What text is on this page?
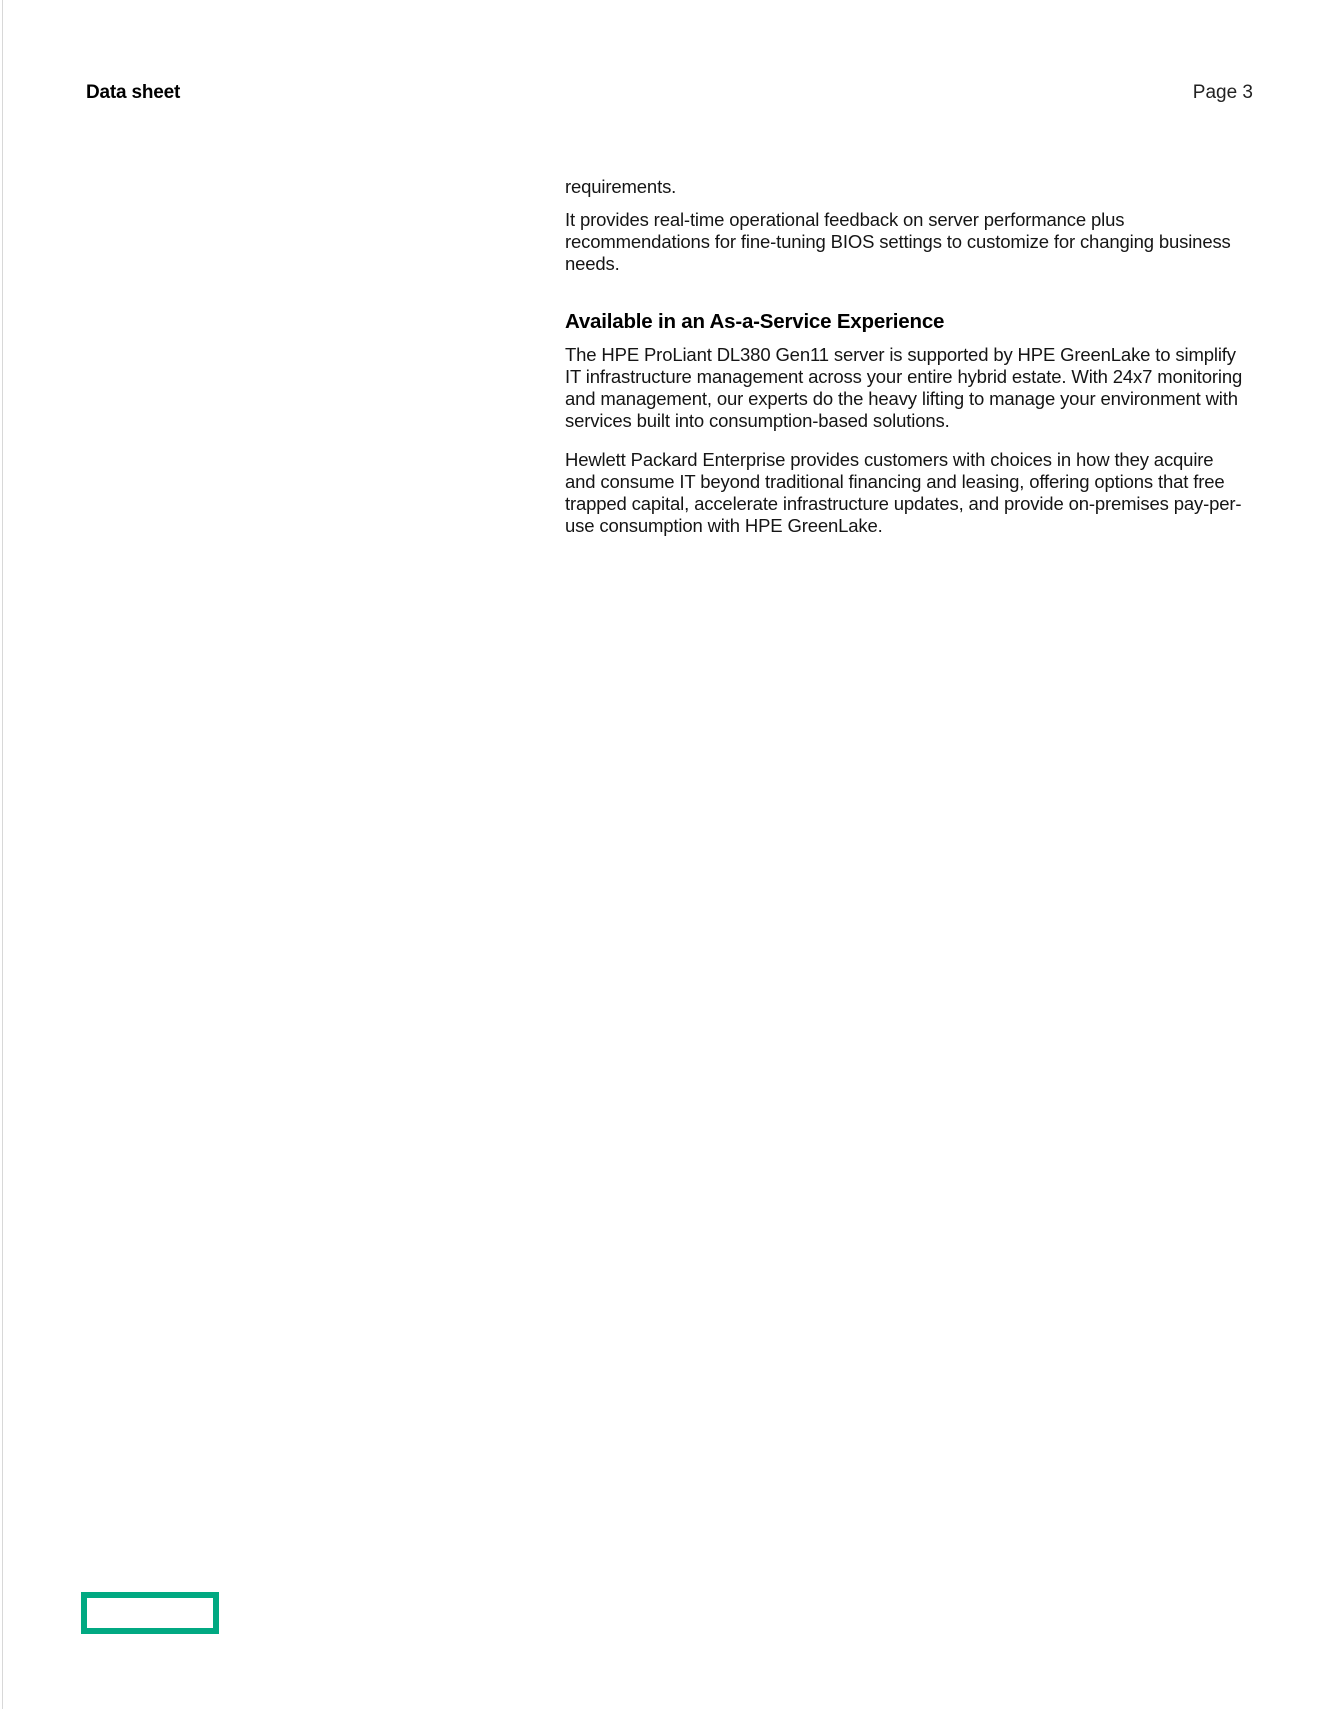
Data sheet	Page 3

requirements.

It provides real-time operational feedback on server performance plus recommendations for fine-tuning BIOS settings to customize for changing business needs.

Available in an As-a-Service Experience

The HPE ProLiant DL380 Gen11 server is supported by HPE GreenLake to simplify IT infrastructure management across your entire hybrid estate. With 24x7 monitoring and management, our experts do the heavy lifting to manage your environment with services built into consumption-based solutions.

Hewlett Packard Enterprise provides customers with choices in how they acquire and consume IT beyond traditional financing and leasing, offering options that free trapped capital, accelerate infrastructure updates, and provide on-premises pay-per-use consumption with HPE GreenLake.
